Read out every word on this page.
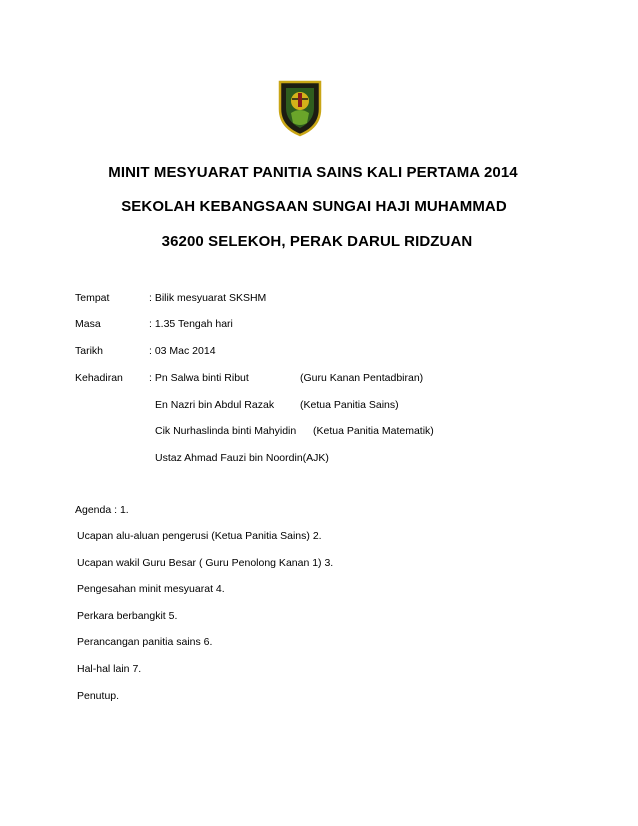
MINIT MESYUARAT PANITIA SAINS KALI PERTAMA 2014
SEKOLAH KEBANGSAAN SUNGAI HAJI MUHAMMAD
36200 SELEKOH, PERAK DARUL RIDZUAN
Tempat	: Bilik mesyuarat SKSHM
Masa	: 1.35 Tengah hari
Tarikh	: 03 Mac 2014
Kehadiran : Pn Salwa binti Ribut	(Guru Kanan Pentadbiran)
En Nazri bin Abdul Razak (Ketua Panitia Sains)
Cik Nurhaslinda binti Mahyidin (Ketua Panitia Matematik)
Ustaz Ahmad Fauzi bin Noordin(AJK)
Agenda : 1.
Ucapan alu-aluan pengerusi (Ketua Panitia Sains) 2.
Ucapan wakil Guru Besar ( Guru Penolong Kanan 1) 3.
Pengesahan minit mesyuarat 4.
Perkara berbangkit 5.
Perancangan panitia sains 6.
Hal-hal lain 7.
Penutup.
